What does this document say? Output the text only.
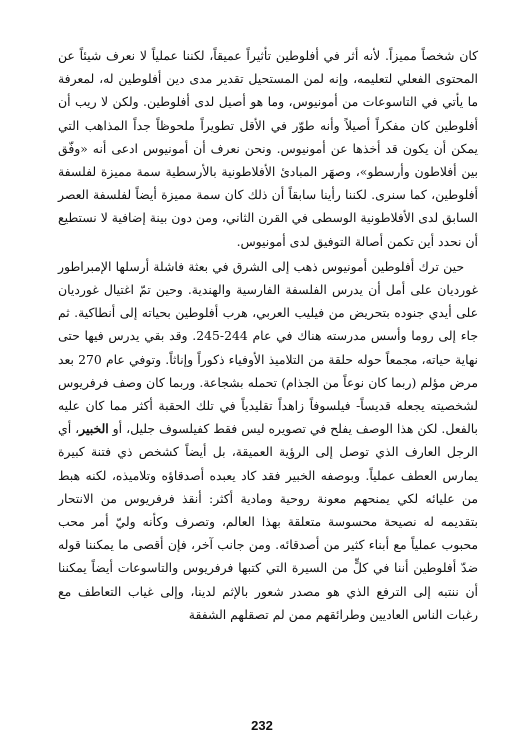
كان شخصاً مميزاً. لأنه أثر في أفلوطين تأثيراً عميقاً، لكننا عملياً لا نعرف شيئاً عن المحتوى الفعلي لتعليمه، وإنه لمن المستحيل تقدير مدى دين أفلوطين له، لمعرفة ما يأتي في التاسوعات من أمونيوس، وما هو أصيل لدى أفلوطين. ولكن لا ريب أن أفلوطين كان مفكراً أصيلاً وأنه طوّر في الأقل تطويراً ملحوظاً جداً المذاهب التي يمكن أن يكون قد أخذها عن أمونيوس. ونحن نعرف أن أمونيوس ادعى أنه «وفّق بين أفلاطون وأرسطو»، وصهَر المبادئ الأفلاطونية بالأرسطية سمة مميزة لفلسفة أفلوطين، كما سنرى. لكننا رأينا سابقاً أن ذلك كان سمة مميزة أيضاً لفلسفة العصر السابق لدى الأفلاطونية الوسطى في القرن الثاني، ومن دون بينة إضافية لا نستطيع أن نحدد أين تكمن أصالة التوفيق لدى أمونيوس.

حين ترك أفلوطين أمونيوس ذهب إلى الشرق في بعثة فاشلة أرسلها الإمبراطور غورديان على أمل أن يدرس الفلسفة الفارسية والهندية. وحين تمّ اغتيال غورديان على أيدي جنوده بتحريض من فيليب العربي، هرب أفلوطين بحياته إلى أنطاكية. ثم جاء إلى روما وأسس مدرسته هناك في عام 244-245. وقد بقي يدرس فيها حتى نهاية حياته، مجمعاً حوله حلقة من التلاميذ الأوفياء ذكوراً وإناثاً. وتوفي عام 270 بعد مرض مؤلم (ربما كان نوعاً من الجذام) تحمله بشجاعة. وربما كان وصف فرفريوس لشخصيته يجعله قديساً- فيلسوفاً زاهداً تقليدياً في تلك الحقبة أكثر مما كان عليه بالفعل. لكن هذا الوصف يفلح في تصويره ليس فقط كفيلسوف جليل، أو الخبير، أي الرجل العارف الذي توصل إلى الرؤية العميقة، بل أيضاً كشخص ذي فتنة كبيرة يمارس العطف عملياً. وبوصفه الخبير فقد كاد يعبده أصدقاؤه وتلاميذه، لكنه هبط من عليائه لكي يمنحهم معونة روحية ومادية أكثر: أنقذ فرفريوس من الانتحار بتقديمه له نصيحة محسوسة متعلقة بهذا العالم، وتصرف وكأنه وليّ أمر محب محبوب عملياً مع أبناء كثير من أصدقائه. ومن جانب آخر، فإن أقصى ما يمكننا قوله ضدّ أفلوطين أننا في كلٍّ من السيرة التي كتبها فرفريوس والتاسوعات أيضاً يمكننا أن ننتبه إلى الترفع الذي هو مصدر شعور بالإثم لدينا، وإلى غياب التعاطف مع رغبات الناس العاديين وطرائقهم ممن لم تصقلهم الشفقة

232
